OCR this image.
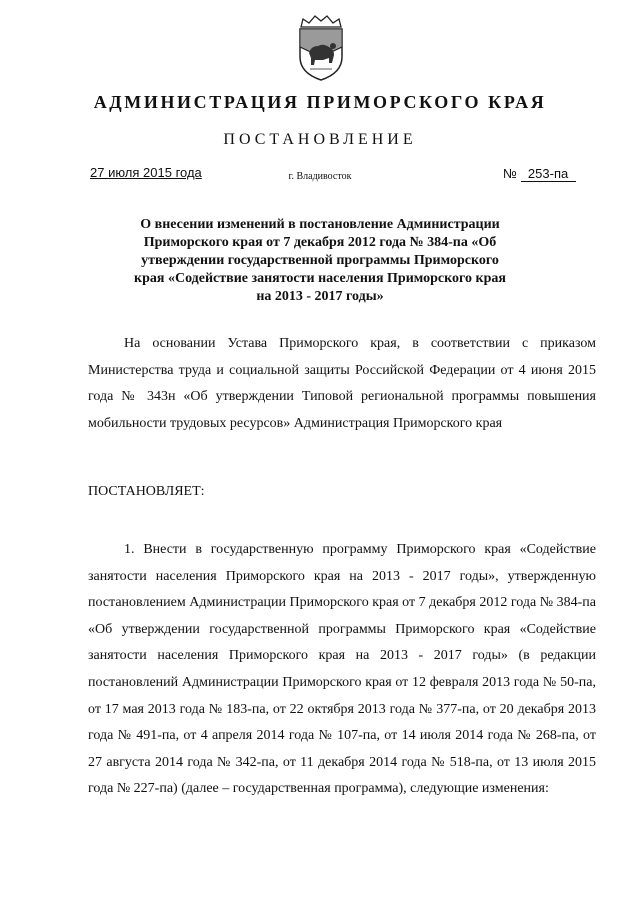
АДМИНИСТРАЦИЯ ПРИМОРСКОГО КРАЯ
ПОСТАНОВЛЕНИЕ
27 июля 2015 года	г. Владивосток	№ 253-па
О внесении изменений в постановление Администрации Приморского края от 7 декабря 2012 года № 384-па «Об утверждении государственной программы Приморского края «Содействие занятости населения Приморского края на 2013 - 2017 годы»
На основании Устава Приморского края, в соответствии с приказом Министерства труда и социальной защиты Российской Федерации от 4 июня 2015 года № 343н «Об утверждении Типовой региональной программы повышения мобильности трудовых ресурсов» Администрация Приморского края
ПОСТАНОВЛЯЕТ:
1. Внести в государственную программу Приморского края «Содействие занятости населения Приморского края на 2013 - 2017 годы», утвержденную постановлением Администрации Приморского края от 7 декабря 2012 года № 384-па «Об утверждении государственной программы Приморского края «Содействие занятости населения Приморского края на 2013 - 2017 годы» (в редакции постановлений Администрации Приморского края от 12 февраля 2013 года № 50-па, от 17 мая 2013 года № 183-па, от 22 октября 2013 года № 377-па, от 20 декабря 2013 года № 491-па, от 4 апреля 2014 года № 107-па, от 14 июля 2014 года № 268-па, от 27 августа 2014 года № 342-па, от 11 декабря 2014 года № 518-па, от 13 июля 2015 года № 227-па) (далее – государственная программа), следующие изменения:
